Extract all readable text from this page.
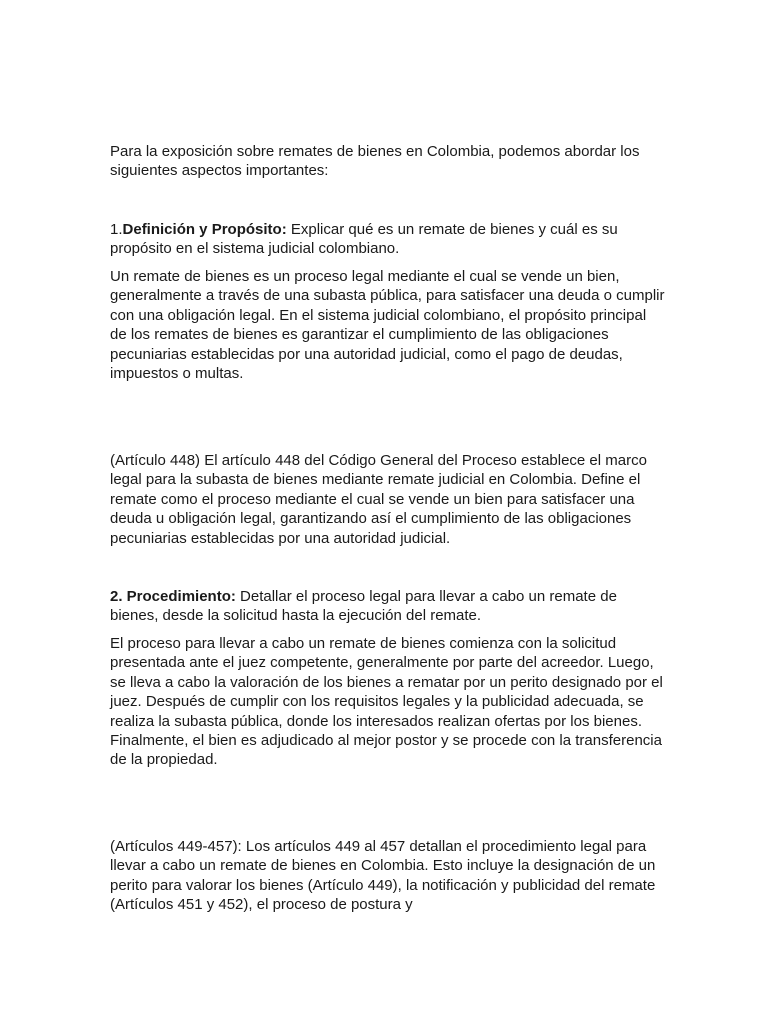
Para la exposición sobre remates de bienes en Colombia, podemos abordar los siguientes aspectos importantes:

1.Definición y Propósito: Explicar qué es un remate de bienes y cuál es su propósito en el sistema judicial colombiano.

Un remate de bienes es un proceso legal mediante el cual se vende un bien, generalmente a través de una subasta pública, para satisfacer una deuda o cumplir con una obligación legal. En el sistema judicial colombiano, el propósito principal de los remates de bienes es garantizar el cumplimiento de las obligaciones pecuniarias establecidas por una autoridad judicial, como el pago de deudas, impuestos o multas.

(Artículo 448) El artículo 448 del Código General del Proceso establece el marco legal para la subasta de bienes mediante remate judicial en Colombia. Define el remate como el proceso mediante el cual se vende un bien para satisfacer una deuda u obligación legal, garantizando así el cumplimiento de las obligaciones pecuniarias establecidas por una autoridad judicial.

2. Procedimiento: Detallar el proceso legal para llevar a cabo un remate de bienes, desde la solicitud hasta la ejecución del remate.

El proceso para llevar a cabo un remate de bienes comienza con la solicitud presentada ante el juez competente, generalmente por parte del acreedor. Luego, se lleva a cabo la valoración de los bienes a rematar por un perito designado por el juez. Después de cumplir con los requisitos legales y la publicidad adecuada, se realiza la subasta pública, donde los interesados realizan ofertas por los bienes. Finalmente, el bien es adjudicado al mejor postor y se procede con la transferencia de la propiedad.

(Artículos 449-457): Los artículos 449 al 457 detallan el procedimiento legal para llevar a cabo un remate de bienes en Colombia. Esto incluye la designación de un perito para valorar los bienes (Artículo 449), la notificación y publicidad del remate (Artículos 451 y 452), el proceso de postura y
